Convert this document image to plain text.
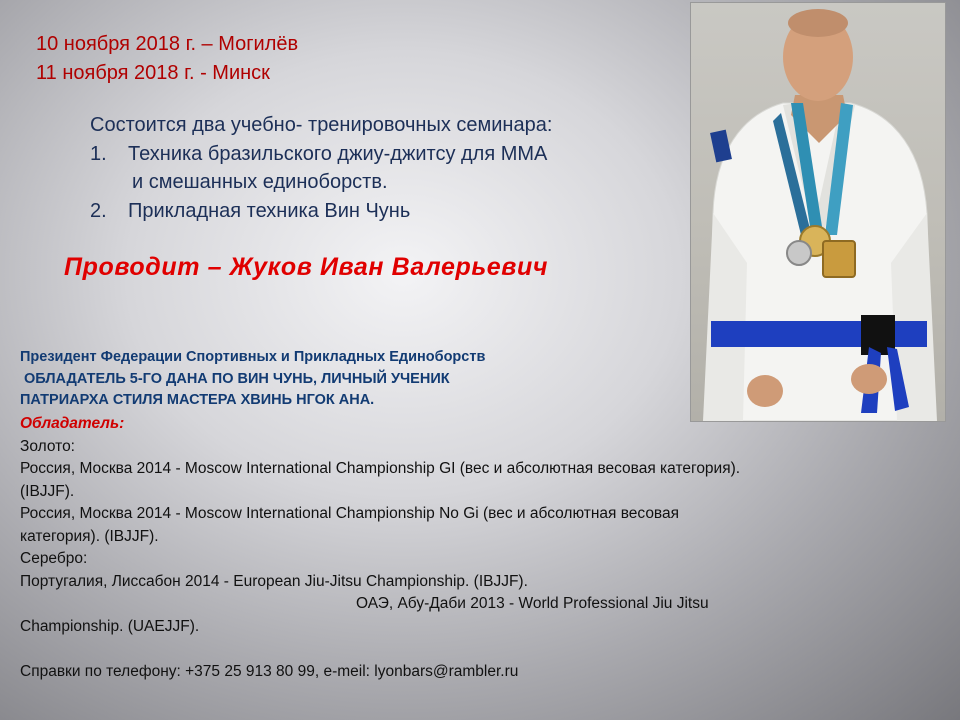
10 ноября 2018 г. – Могилёв
11 ноября 2018 г. - Минск
Состоится два учебно- тренировочных семинара:
1. Техника бразильского джиу-джитсу для ММА
и смешанных единоборств.
2. Прикладная техника Вин Чунь
Проводит – Жуков Иван Валерьевич
Президент Федерации Спортивных и Прикладных Единоборств
ОБЛАДАТЕЛЬ 5-ГО ДАНА ПО ВИН ЧУНЬ, ЛИЧНЫЙ УЧЕНИК
ПАТРИАРХА СТИЛЯ МАСТЕРА ХВИНЬ НГОК АНА.
Обладатель:
Золото:
Россия, Москва 2014 - Moscow International Championship GI (вес и абсолютная весовая категория).
(IBJJF).
Россия, Москва 2014 - Moscow International Championship No Gi (вес и абсолютная весовая
категория). (IBJJF).
Серебро:
Португалия, Лиссабон 2014 - European Jiu-Jitsu Championship. (IBJJF).
ОАЭ, Абу-Даби 2013 - World Professional Jiu Jitsu
Championship. (UAEJJF).
Справки по телефону: +375 25 913 80 99, e-meil: lyonbars@rambler.ru
